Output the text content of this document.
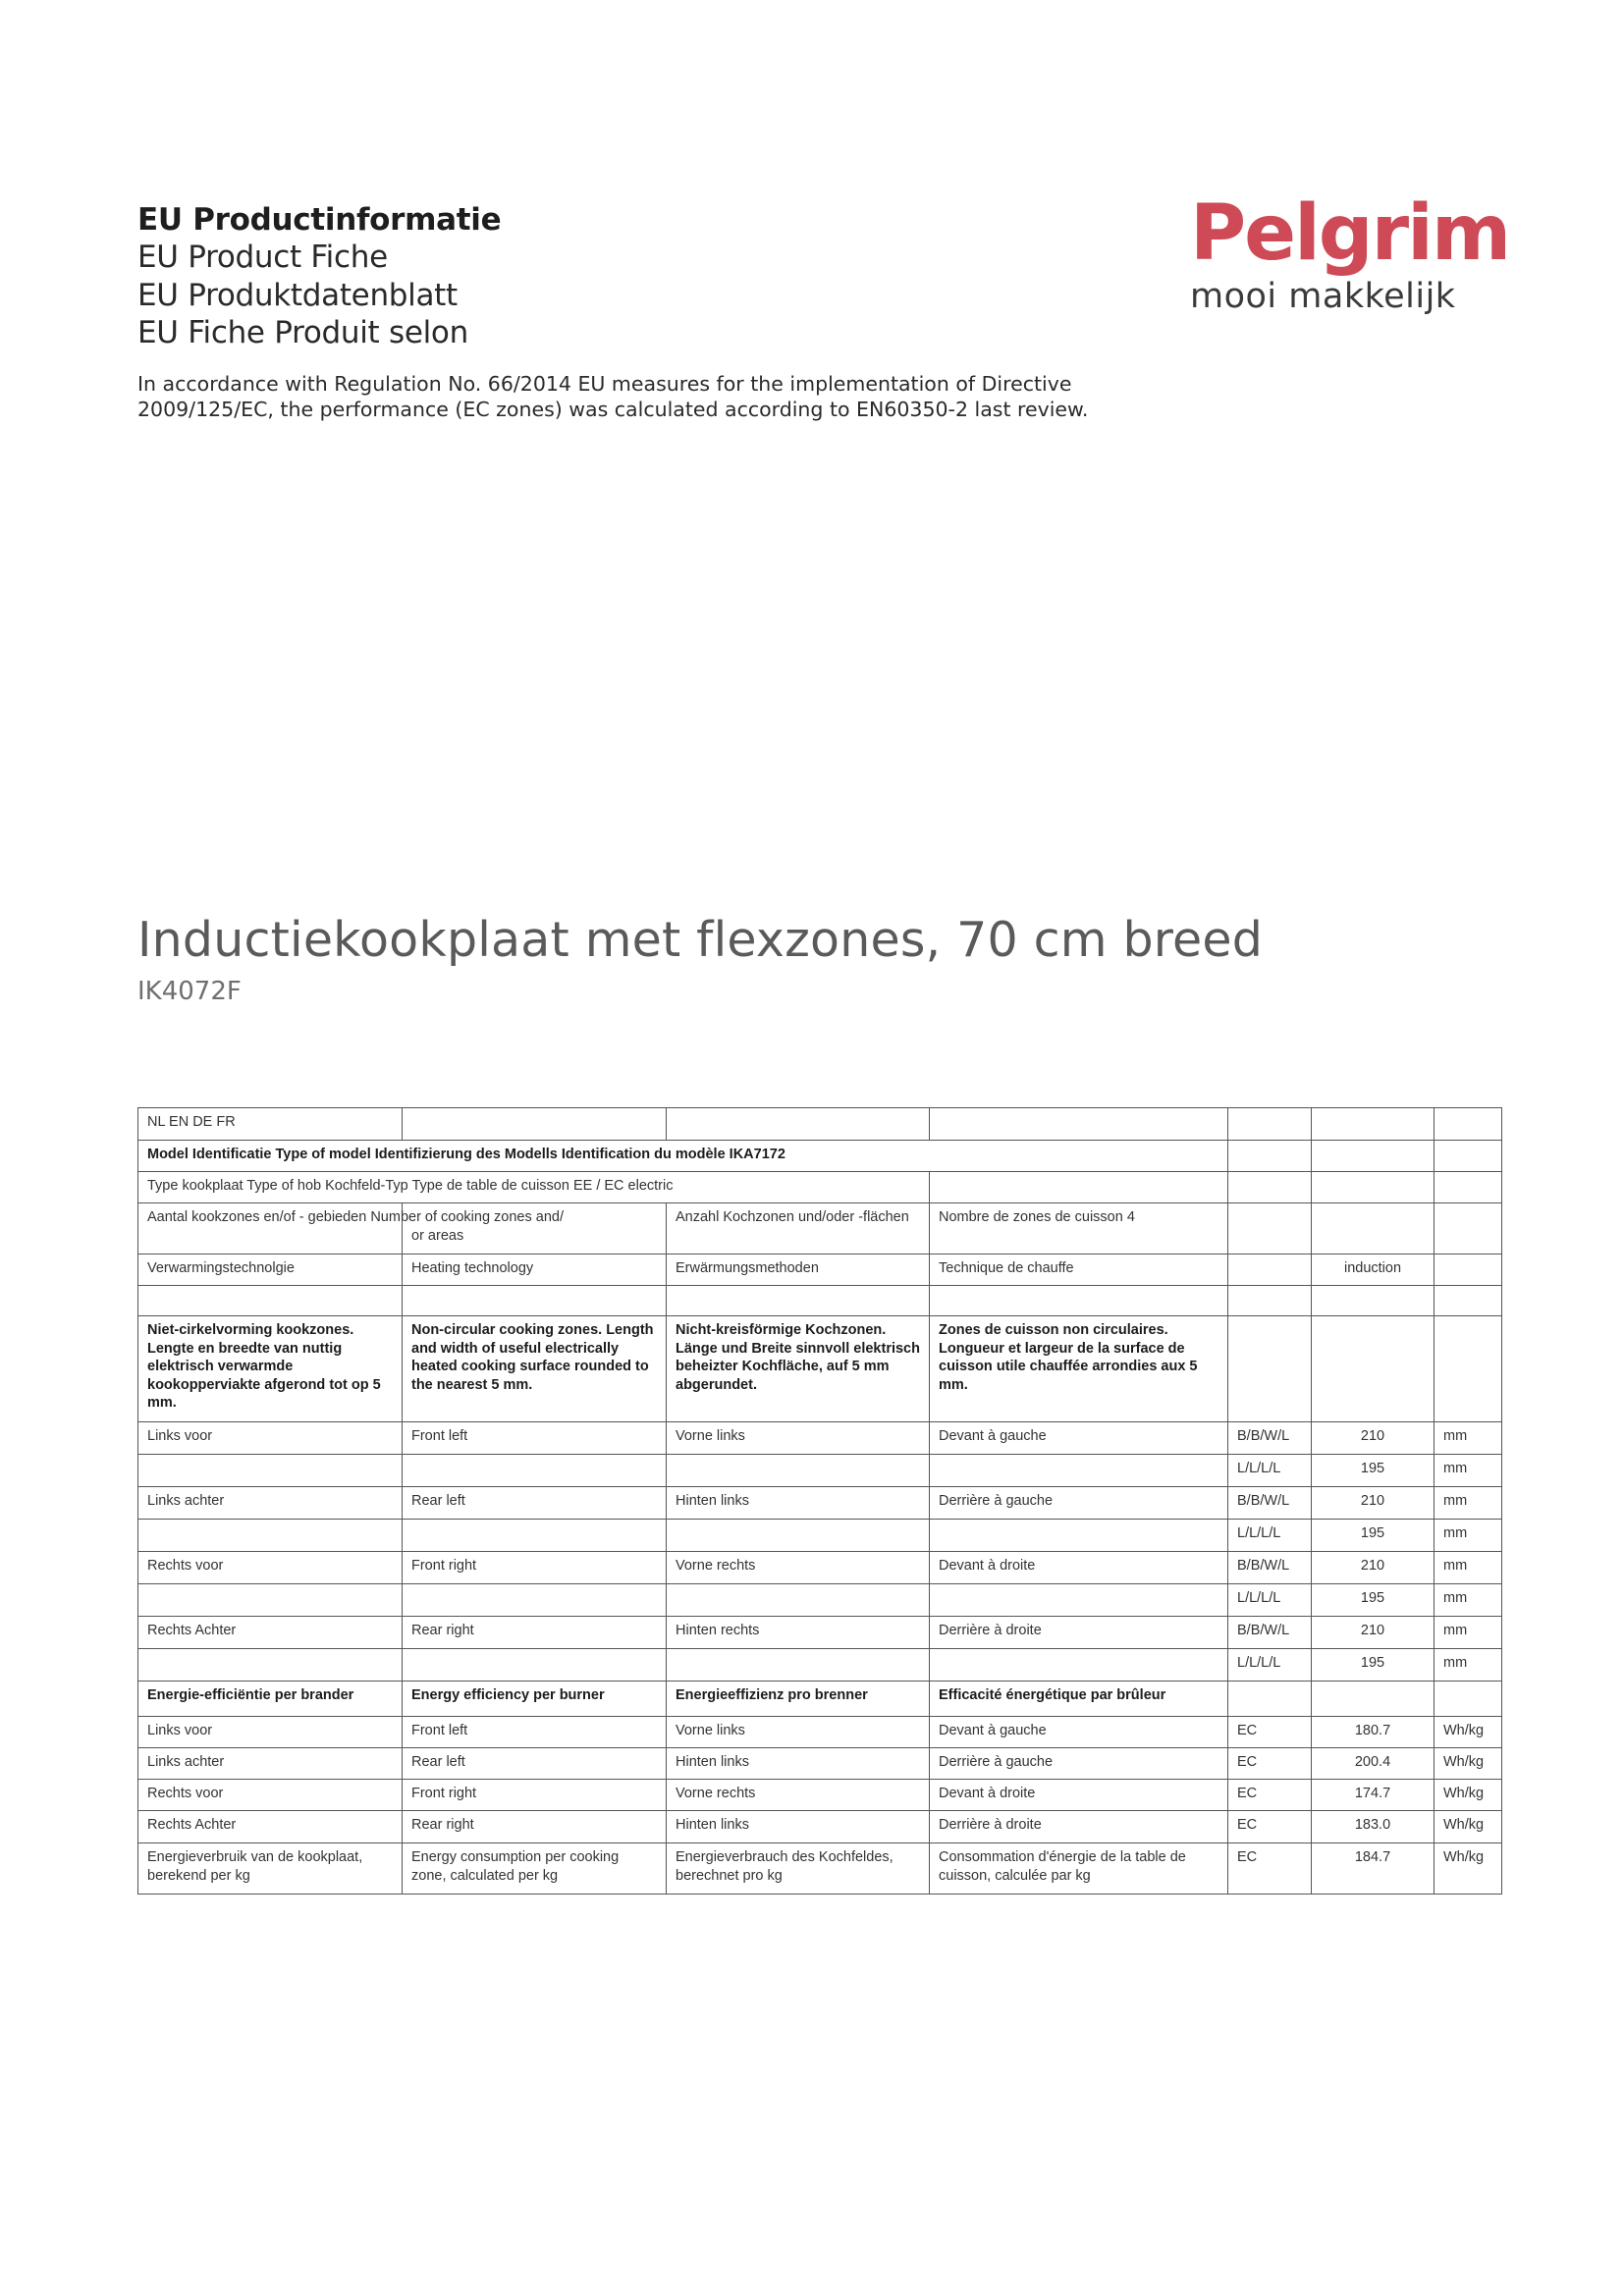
EU Productinformatie
EU Product Fiche
EU Produktdatenblatt
EU Fiche Produit selon
In accordance with Regulation No. 66/2014 EU measures for the implementation of Directive
2009/125/EC, the performance (EC zones) was calculated according to EN60350-2 last review.
Pelgrim
mooi makkelijk
Inductiekookplaat met flexzones, 70 cm breed
IK4072F
NL EN DE FR						
Model Identificatie Type of model Identifizierung des Modells Identification du modèle IKA7172						
Type kookplaat Type of hob Kochfeld-Typ Type de table de cuisson EE / EC electric						
Aantal kookzones en/of - gebieden Number of cooking zones and/	or areas	Anzahl Kochzonen und/oder -flächen	Nombre de zones de cuisson 4			
Verwarmingstechnolgie	Heating technology	Erwärmungsmethoden	Technique de chauffe		induction	

Niet-cirkelvorming kookzones. Lengte en breedte van nuttig elektrisch verwarmde kookopperviakte afgerond tot op 5 mm.	Non-circular cooking zones. Length and width of useful electrically heated cooking surface rounded to the nearest 5 mm.	Nicht-kreisförmige Kochzonen. Länge und Breite sinnvoll elektrisch beheizter Kochfläche, auf 5 mm abgerundet.	Zones de cuisson non circulaires. Longueur et largeur de la surface de cuisson utile chauffée arrondies aux 5 mm.			
Links voor	Front left	Vorne links	Devant à gauche	B/B/W/L	210	mm
				L/L/L/L	195	mm
Links achter	Rear left	Hinten links	Derrière à gauche	B/B/W/L	210	mm
				L/L/L/L	195	mm
Rechts voor	Front right	Vorne rechts	Devant à droite	B/B/W/L	210	mm
				L/L/L/L	195	mm
Rechts Achter	Rear right	Hinten rechts	Derrière à droite	B/B/W/L	210	mm
				L/L/L/L	195	mm
Energie-efficiëntie per brander	Energy efficiency per burner	Energieeffizienz pro brenner	Efficacité énergétique par brûleur			
Links voor	Front left	Vorne links	Devant à gauche	EC	180.7	Wh/kg
Links achter	Rear left	Hinten links	Derrière à gauche	EC	200.4	Wh/kg
Rechts voor	Front right	Vorne rechts	Devant à droite	EC	174.7	Wh/kg
Rechts Achter	Rear right	Hinten links	Derrière à droite	EC	183.0	Wh/kg
Energieverbruik van de kookplaat, berekend per kg	Energy consumption per cooking zone, calculated per kg	Energieverbrauch des Kochfeldes, berechnet pro kg	Consommation d'énergie de la table de cuisson, calculée par kg	EC	184.7	Wh/kg
